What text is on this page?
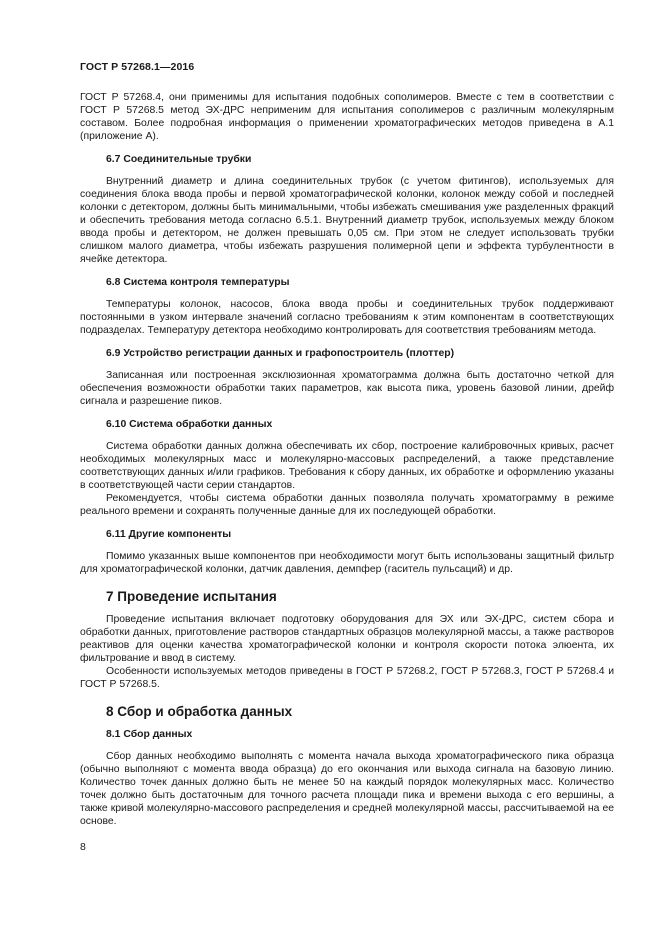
ГОСТ Р 57268.1—2016

ГОСТ Р 57268.4, они применимы для испытания подобных сополимеров. Вместе с тем в соответствии с ГОСТ Р 57268.5 метод ЭХ-ДРС неприменим для испытания сополимеров с различным молекулярным составом. Более подробная информация о применении хроматографических методов приведена в А.1 (приложение А).

6.7 Соединительные трубки

Внутренний диаметр и длина соединительных трубок (с учетом фитингов), используемых для соединения блока ввода пробы и первой хроматографической колонки, колонок между собой и последней колонки с детектором, должны быть минимальными, чтобы избежать смешивания уже разделенных фракций и обеспечить требования метода согласно 6.5.1. Внутренний диаметр трубок, используемых между блоком ввода пробы и детектором, не должен превышать 0,05 см. При этом не следует использовать трубки слишком малого диаметра, чтобы избежать разрушения полимерной цепи и эффекта турбулентности в ячейке детектора.

6.8 Система контроля температуры

Температуры колонок, насосов, блока ввода пробы и соединительных трубок поддерживают постоянными в узком интервале значений согласно требованиям к этим компонентам в соответствующих подразделах. Температуру детектора необходимо контролировать для соответствия требованиям метода.

6.9 Устройство регистрации данных и графопостроитель (плоттер)

Записанная или построенная эксклюзионная хроматограмма должна быть достаточно четкой для обеспечения возможности обработки таких параметров, как высота пика, уровень базовой линии, дрейф сигнала и разрешение пиков.

6.10 Система обработки данных

Система обработки данных должна обеспечивать их сбор, построение калибровочных кривых, расчет необходимых молекулярных масс и молекулярно-массовых распределений, а также представление соответствующих данных и/или графиков. Требования к сбору данных, их обработке и оформлению указаны в соответствующей части серии стандартов.

Рекомендуется, чтобы система обработки данных позволяла получать хроматограмму в режиме реального времени и сохранять полученные данные для их последующей обработки.

6.11 Другие компоненты

Помимо указанных выше компонентов при необходимости могут быть использованы защитный фильтр для хроматографической колонки, датчик давления, демпфер (гаситель пульсаций) и др.

7 Проведение испытания

Проведение испытания включает подготовку оборудования для ЭХ или ЭХ-ДРС, систем сбора и обработки данных, приготовление растворов стандартных образцов молекулярной массы, а также растворов реактивов для оценки качества хроматографической колонки и контроля скорости потока элюента, их фильтрование и ввод в систему.

Особенности используемых методов приведены в ГОСТ Р 57268.2, ГОСТ Р 57268.3, ГОСТ Р 57268.4 и ГОСТ Р 57268.5.

8 Сбор и обработка данных
8.1 Сбор данных

Сбор данных необходимо выполнять с момента начала выхода хроматографического пика образца (обычно выполняют с момента ввода образца) до его окончания или выхода сигнала на базовую линию. Количество точек данных должно быть не менее 50 на каждый порядок молекулярных масс. Количество точек должно быть достаточным для точного расчета площади пика и времени выхода с его вершины, а также кривой молекулярно-массового распределения и средней молекулярной массы, рассчитываемой на ее основе.

8
